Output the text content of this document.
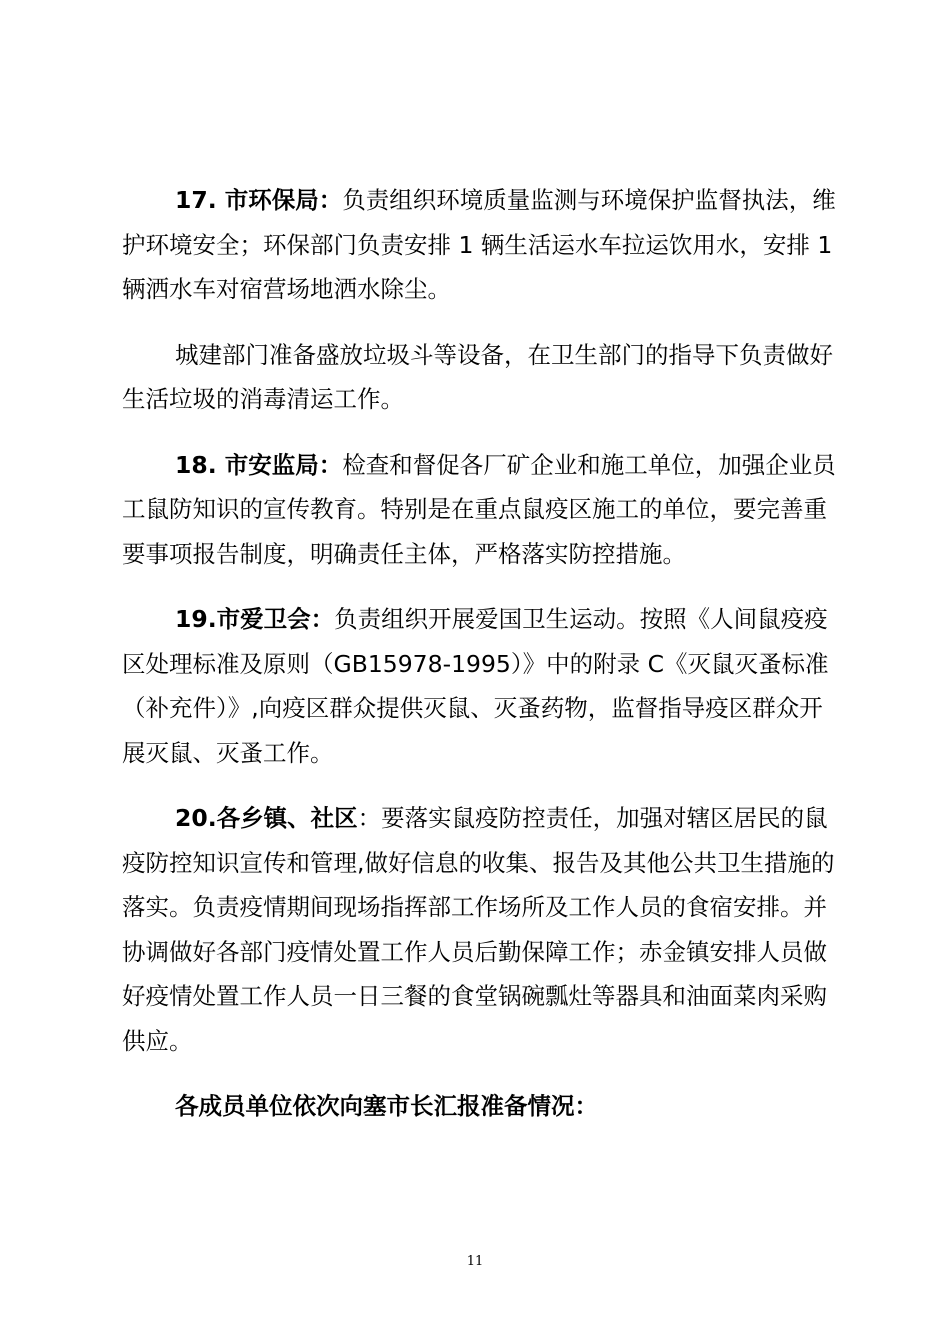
17. 市环保局：负责组织环境质量监测与环境保护监督执法，维护环境安全；环保部门负责安排 1 辆生活运水车拉运饮用水，安排 1 辆洒水车对宿营场地洒水除尘。

城建部门准备盛放垃圾斗等设备，在卫生部门的指导下负责做好生活垃圾的消毒清运工作。

18. 市安监局：检查和督促各厂矿企业和施工单位，加强企业员工鼠防知识的宣传教育。特别是在重点鼠疫区施工的单位，要完善重要事项报告制度，明确责任主体，严格落实防控措施。

19.市爱卫会：负责组织开展爱国卫生运动。按照《人间鼠疫疫区处理标准及原则（GB15978-1995）》中的附录 C《灭鼠灭蚤标准（补充件）》,向疫区群众提供灭鼠、灭蚤药物，监督指导疫区群众开展灭鼠、灭蚤工作。

20.各乡镇、社区：要落实鼠疫防控责任，加强对辖区居民的鼠疫防控知识宣传和管理,做好信息的收集、报告及其他公共卫生措施的落实。负责疫情期间现场指挥部工作场所及工作人员的食宿安排。并协调做好各部门疫情处置工作人员后勤保障工作；赤金镇安排人员做好疫情处置工作人员一日三餐的食堂锅碗瓢灶等器具和油面菜肉采购供应。

各成员单位依次向塞市长汇报准备情况：

11
